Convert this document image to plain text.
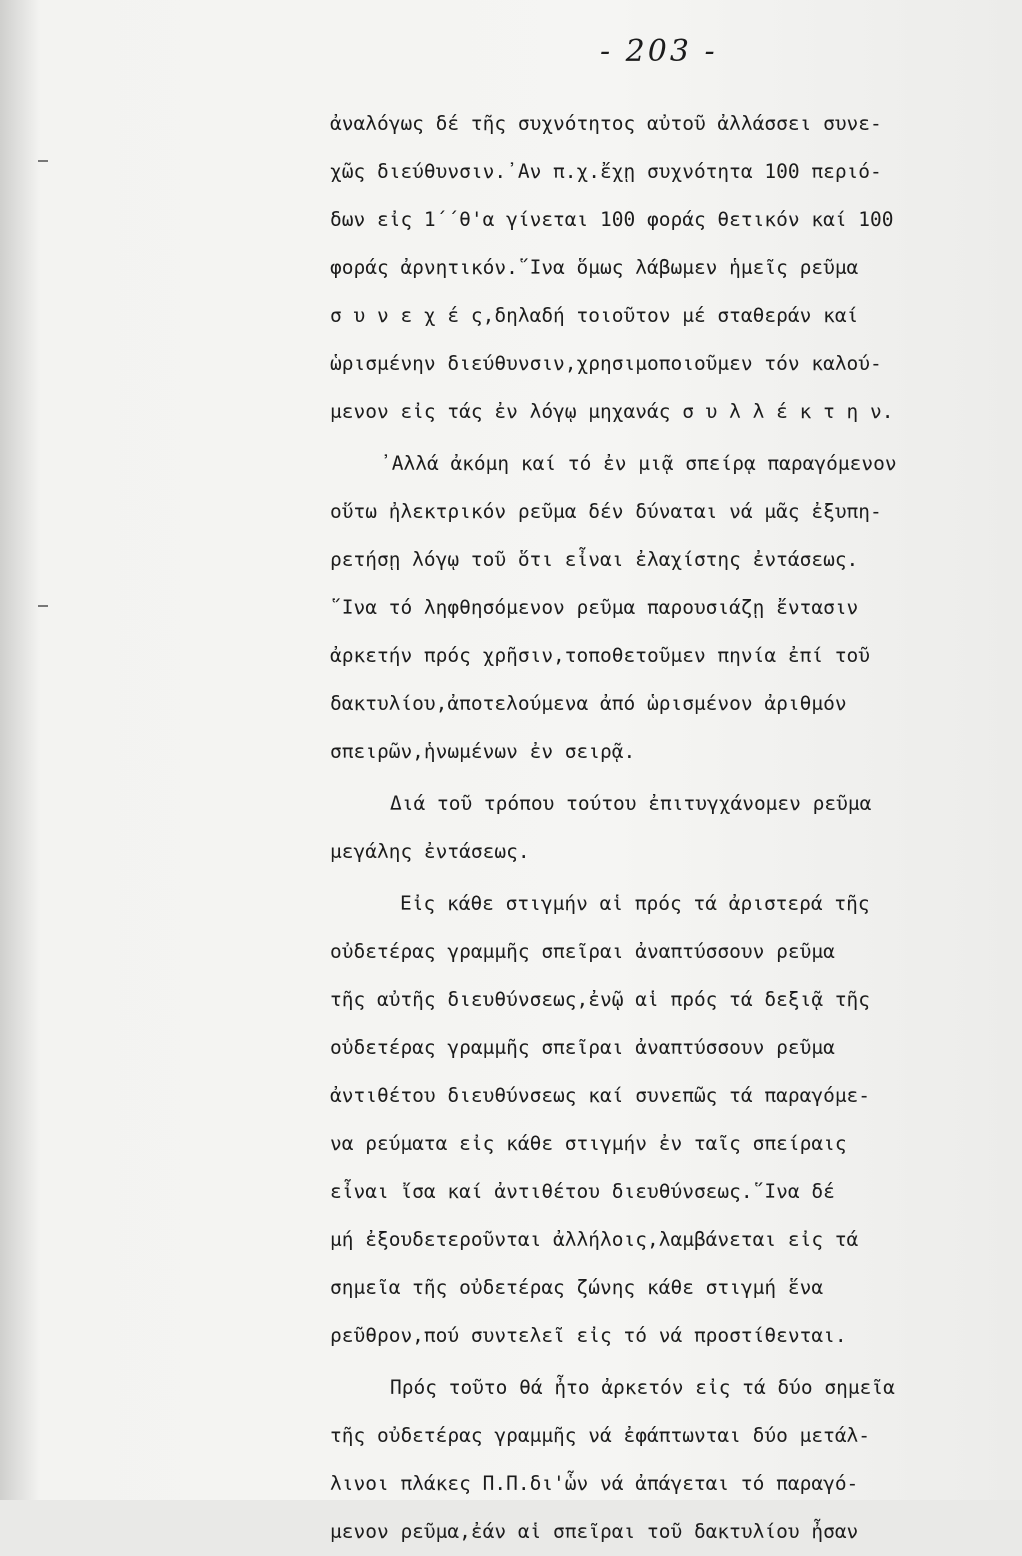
- 203 -
ἀναλόγως δέ τῆς συχνότητος αὐτοῦ ἀλλάσσει συνε-
χῶς διεύθυνσιν.᾿Αν π.χ.ἔχῃ συχνότητα 100 περιό-
δων εἰς 1΄΄θ'α γίνεται 100 φοράς θετικόν καί 100
φοράς ἀρνητικόν.῞Ινα ὅμως λάβωμεν ἡμεῖς ρεῦμα
σ υ ν ε χ έ ς,δηλαδή τοιοῦτον μέ σταθεράν καί
ὡρισμένην διεύθυνσιν,χρησιμοποιοῦμεν τόν καλού-
μενον εἰς τάς ἐν λόγῳ μηχανάς σ υ λ λ έ κ τ η ν.
᾿Αλλά ἀκόμη καί τό ἐν μιᾷ σπείρᾳ παραγόμενον
οὕτω ἠλεκτρικόν ρεῦμα δέν δύναται νά μᾶς ἐξυπη-
ρετήσῃ λόγῳ τοῦ ὅτι εἶναι ἐλαχίστης ἐντάσεως.
῞Ινα τό ληφθησόμενον ρεῦμα παρουσιάζῃ ἔντασιν
ἀρκετήν πρός χρῆσιν,τοποθετοῦμεν πηνία ἐπί τοῦ
δακτυλίου,ἀποτελούμενα ἀπό ὡρισμένον ἀριθμόν
σπειρῶν,ἡνωμένων ἐν σειρᾷ.
Διά τοῦ τρόπου τούτου ἐπιτυγχάνομεν ρεῦμα
μεγάλης ἐντάσεως.
Εἰς κάθε στιγμήν αἱ πρός τά ἀριστερά τῆς
οὐδετέρας γραμμῆς σπεῖραι ἀναπτύσσουν ρεῦμα
τῆς αὐτῆς διευθύνσεως,ἐνῷ αἱ πρός τά δεξιᾷ τῆς
οὐδετέρας γραμμῆς σπεῖραι ἀναπτύσσουν ρεῦμα
ἀντιθέτου διευθύνσεως καί συνεπῶς τά παραγόμε-
να ρεύματα εἰς κάθε στιγμήν ἐν ταῖς σπείραις
εἶναι ἴσα καί ἀντιθέτου διευθύνσεως.῞Ινα δέ
μή ἐξουδετεροῦνται ἀλλήλοις,λαμβάνεται εἰς τά
σημεῖα τῆς οὐδετέρας ζώνης κάθε στιγμή ἕνα
ρεῦθρον,πού συντελεῖ εἰς τό νά προστίθενται.
Πρός τοῦτο θά ἦτο ἀρκετόν εἰς τά δύο σημεῖα
τῆς οὐδετέρας γραμμῆς νά ἐφάπτωνται δύο μετάλ-
λινοι πλάκες Π.Π.δι'ὧν νά ἀπάγεται τό παραγό-
μενον ρεῦμα,ἐάν αἱ σπεῖραι τοῦ δακτυλίου ἦσαν
